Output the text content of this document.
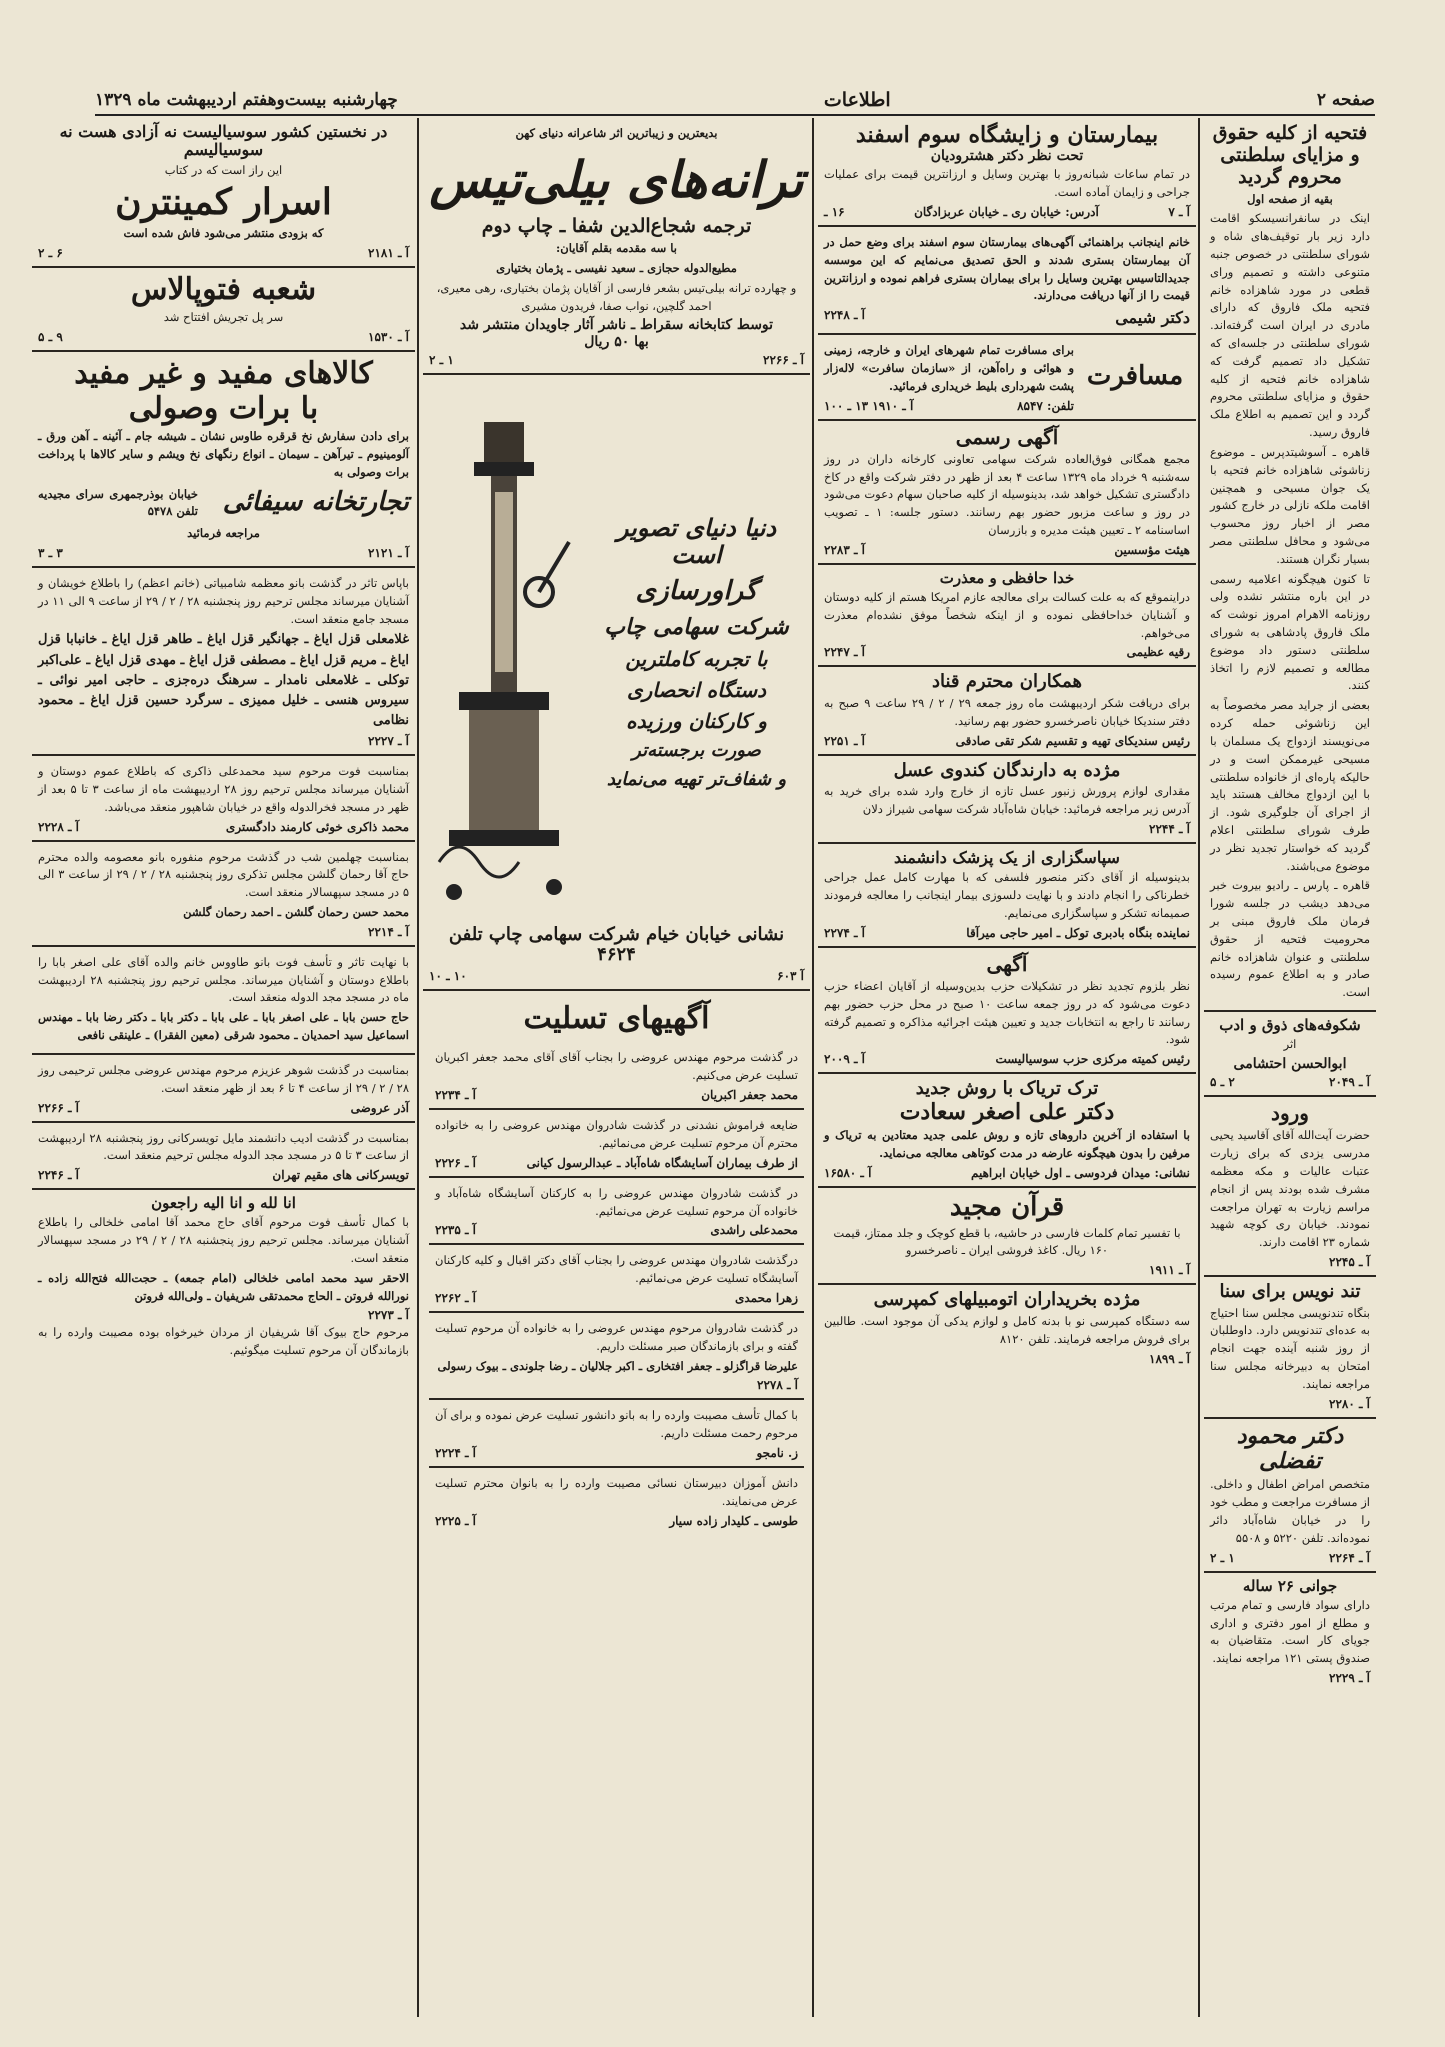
صفحه ۲
اطلاعات
چهارشنبه بیست‌وهفتم اردیبهشت ماه ۱۳۲۹
فتحیه از کلیه حقوق و مزایای سلطنتی محروم گردید
بقیه از صفحه اول
اینک در سانفرانسیسکو اقامت دارد زیر بار توقیف‌های شاه و شورای سلطنتی در خصوص جنبه متنوعی داشته و تصمیم ورای قطعی در مورد شاهزاده خانم فتحیه ملک فاروق که دارای مادری در ایران است گرفته‌اند. شورای سلطنتی در جلسه‌ای که تشکیل داد تصمیم گرفت که شاهزاده خانم فتحیه از کلیه حقوق و مزایای سلطنتی محروم گردد و این تصمیم به اطلاع ملک فاروق رسید.
قاهره ـ آسوشیتدپرس ـ موضوع زناشوئی شاهزاده خانم فتحیه با یک جوان مسیحی و همچنین اقامت ملکه نازلی در خارج کشور مصر از اخبار روز محسوب می‌شود و محافل سلطنتی مصر بسیار نگران هستند.
تا کنون هیچگونه اعلامیه رسمی در این باره منتشر نشده ولی روزنامه الاهرام امروز نوشت که ملک فاروق پادشاهی به شورای سلطنتی دستور داد موضوع مطالعه و تصمیم لازم را اتخاذ کنند.
بعضی از جراید مصر مخصوصاً به این زناشوئی حمله کرده می‌نویسند ازدواج یک مسلمان با مسیحی غیرممکن است و در حالیکه پاره‌ای از خانواده سلطنتی با این ازدواج مخالف هستند باید از اجرای آن جلوگیری شود. از طرف شورای سلطنتی اعلام گردید که خواستار تجدید نظر در موضوع می‌باشند.
قاهره ـ پارس ـ رادیو بیروت خبر می‌دهد دیشب در جلسه شورا فرمان ملک فاروق مبنی بر محرومیت فتحیه از حقوق سلطنتی و عنوان شاهزاده خانم صادر و به اطلاع عموم رسیده است.
شکوفه‌های ذوق و ادب
اثر
ابوالحسن احتشامی
آ ـ ۲۰۴۹
۲ ـ ۵
ورود
حضرت آیت‌الله آقای آقاسید یحیی مدرسی یزدی که برای زیارت عتبات عالیات و مکه معظمه مشرف شده بودند پس از انجام مراسم زیارت به تهران مراجعت نمودند. خیابان ری کوچه شهید شماره ۲۳ اقامت دارند.
آ ـ ۲۲۴۵
تند نویس برای سنا
بنگاه تندنویسی مجلس سنا احتیاج به عده‌ای تندنویس دارد. داوطلبان از روز شنبه آینده جهت انجام امتحان به دبیرخانه مجلس سنا مراجعه نمایند.
آ ـ ۲۲۸۰
دکتر محمود تفضلی
متخصص امراض اطفال و داخلی. از مسافرت مراجعت و مطب خود را در خیابان شاه‌آباد دائر نموده‌اند. تلفن ۵۲۲۰ و ۵۵۰۸
آ ـ ۲۲۶۴
۱ ـ ۲
جوانی ۲۶ ساله
دارای سواد فارسی و تمام مرتب و مطلع از امور دفتری و اداری جویای کار است. متقاضیان به صندوق پستی ۱۲۱ مراجعه نمایند.
آ ـ ۲۲۲۹
بیمارستان و زایشگاه سوم اسفند
تحت نظر دکتر هشترودیان
در تمام ساعات شبانه‌روز با بهترین وسایل و ارزانترین قیمت برای عملیات جراحی و زایمان آماده است.
آ ـ ۷
آدرس: خیابان ری ـ خیابان عربزادگان
۱۶ ـ
خانم اینجانب براهنمائی آگهی‌های بیمارستان سوم اسفند برای وضع حمل در آن بیمارستان بستری شدند و الحق تصدیق می‌نمایم که این موسسه جدیدالتاسیس بهترین وسایل را برای بیماران بستری فراهم نموده و ارزانترین قیمت را از آنها دریافت می‌دارند.
دکتر شیمی
آ ـ ۲۲۴۸
مسافرت
برای مسافرت تمام شهرهای ایران و خارجه، زمینی و هوائی و راه‌آهن، از «سازمان سافرت» لاله‌زار پشت شهرداری بلیط خریداری فرمائید.
تلفن: ۸۵۴۷
آ ـ ۱۹۱۰ ۱۳ ـ ۱۰۰
آگهی رسمی
مجمع همگانی فوق‌العاده شرکت سهامی تعاونی کارخانه داران در روز سه‌شنبه ۹ خرداد ماه ۱۳۲۹ ساعت ۴ بعد از ظهر در دفتر شرکت واقع در کاخ دادگستری تشکیل خواهد شد، بدینوسیله از کلیه صاحبان سهام دعوت می‌شود در روز و ساعت مزبور حضور بهم رسانند. دستور جلسه: ۱ ـ تصویب اساسنامه ۲ ـ تعیین هیئت مدیره و بازرسان
هیئت مؤسسین
آ ـ ۲۲۸۳
خدا حافظی و معذرت
دراینموقع که به علت کسالت برای معالجه عازم امریکا هستم از کلیه دوستان و آشنایان خداحافظی نموده و از اینکه شخصاً موفق نشده‌ام معذرت می‌خواهم.
رقیه عظیمی
آ ـ ۲۲۴۷
همکاران محترم قناد
برای دریافت شکر اردیبهشت ماه روز جمعه ۲۹ / ۲ / ۲۹ ساعت ۹ صبح به دفتر سندیکا خیابان ناصرخسرو حضور بهم رسانید.
رئیس سندیکای تهیه و تقسیم شکر تقی صادقی
آ ـ ۲۲۵۱
مژده به دارندگان کندوی عسل
مقداری لوازم پرورش زنبور عسل تازه از خارج وارد شده برای خرید به آدرس زیر مراجعه فرمائید: خیابان شاه‌آباد شرکت سهامی شیراز دلان
آ ـ ۲۲۴۴
سپاسگزاری از یک پزشک دانشمند
بدینوسیله از آقای دکتر منصور فلسفی که با مهارت کامل عمل جراحی خطرناکی را انجام دادند و با نهایت دلسوزی بیمار اینجانب را معالجه فرمودند صمیمانه تشکر و سپاسگزاری می‌نمایم.
نماینده بنگاه بادبری توکل ـ امیر حاجی میرآقا
آ ـ ۲۲۷۴
آگهی
نظر بلزوم تجدید نظر در تشکیلات حزب بدین‌وسیله از آقایان اعضاء حزب دعوت می‌شود که در روز جمعه ساعت ۱۰ صبح در محل حزب حضور بهم رسانند تا راجع به انتخابات جدید و تعیین هیئت اجرائیه مذاکره و تصمیم گرفته شود.
رئیس کمیته مرکزی حزب سوسیالیست
آ ـ ۲۰۰۹
ترک تریاک با روش جدید
دکتر علی اصغر سعادت
با استفاده از آخرین داروهای تازه و روش علمی جدید معتادین به تریاک و مرفین را بدون هیچگونه عارضه در مدت کوتاهی معالجه می‌نماید.
نشانی: میدان فردوسی ـ اول خیابان ابراهیم
آ ـ ۱۶۵۸۰
قرآن مجید
با تفسیر تمام کلمات فارسی در حاشیه، با قطع کوچک و جلد ممتاز، قیمت ۱۶۰ ریال. کاغذ فروشی ایران ـ ناصرخسرو
آ ـ ۱۹۱۱
مژده بخریداران اتومبیلهای کمپرسی
سه دستگاه کمپرسی نو با بدنه کامل و لوازم یدکی آن موجود است. طالبین برای فروش مراجعه فرمایند. تلفن ۸۱۲۰
آ ـ ۱۸۹۹
بدیعترین و زیباترین اثر شاعرانه دنیای کهن
ترانه‌های بیلی‌تیس
ترجمه شجاع‌الدین شفا ـ چاپ دوم
با سه مقدمه بقلم آقایان:
مطیع‌الدوله حجازی ـ سعید نفیسی ـ پژمان بختیاری
و چهارده ترانه بیلی‌تیس بشعر فارسی از آقایان پژمان بختیاری، رهی معیری، احمد گلچین، نواب صفا، فریدون مشیری
توسط کتابخانه سقراط ـ ناشر آثار جاویدان منتشر شد
بها ۵۰ ریال
آ ـ ۲۲۶۶
۱ ـ ۲
دنیا دنیای تصویر است
گراورسازی
شرکت سهامی چاپ
با تجربه کاملترین
دستگاه انحصاری
و کارکنان ورزیده
صورت برجسته‌تر
و شفاف‌تر تهیه می‌نماید
نشانی خیابان خیام شرکت سهامی چاپ تلفن ۴۶۲۴
آ ۶۰۳
۱۰ ـ ۱۰
آگهیهای تسلیت
در گذشت مرحوم مهندس عروضی را بجناب آقای آقای محمد جعفر اکبریان تسلیت عرض می‌کنیم.
محمد جعفر اکبریان
آ ـ ۲۲۳۴
ضایعه فراموش نشدنی در گذشت شادروان مهندس عروضی را به خانواده محترم آن مرحوم تسلیت عرض می‌نمائیم.
از طرف بیماران آسایشگاه شاه‌آباد ـ عبدالرسول کیانی
آ ـ ۲۲۲۶
در گذشت شادروان مهندس عروضی را به کارکنان آسایشگاه شاه‌آباد و خانواده آن مرحوم تسلیت عرض می‌نمائیم.
محمدعلی راشدی
آ ـ ۲۲۳۵
درگذشت شادروان مهندس عروضی را بجناب آقای دکتر اقبال و کلیه کارکنان آسایشگاه تسلیت عرض می‌نمائیم.
زهرا محمدی
آ ـ ۲۲۶۲
در گذشت شادروان مرحوم مهندس عروضی را به خانواده آن مرحوم تسلیت گفته و برای بازماندگان صبر مسئلت داریم.
علیرضا قراگزلو ـ جعفر افتخاری ـ اکبر جلالیان ـ رضا جلوندی ـ بیوک رسولی
آ ـ ۲۲۷۸
با کمال تأسف مصیبت وارده را به بانو دانشور تسلیت عرض نموده و برای آن مرحوم رحمت مسئلت داریم.
ز. نامجو
آ ـ ۲۲۲۴
دانش آموزان دبیرستان نسائی مصیبت وارده را به بانوان محترم تسلیت عرض می‌نمایند.
طوسی ـ کلیدار زاده سیار
آ ـ ۲۲۲۵
در نخستین کشور سوسیالیست نه آزادی هست نه سوسیالیسم
این راز است که در کتاب
اسرار کمینترن
که بزودی منتشر می‌شود فاش شده است
آ ـ ۲۱۸۱
۶ ـ ۲
شعبه فتوپالاس
سر پل تجریش افتتاح شد
آ ـ ۱۵۳۰
۹ ـ ۵
کالاهای مفید و غیر مفید
با برات وصولی
برای دادن سفارش نخ قرقره طاوس نشان ـ شیشه جام ـ آئینه ـ آهن ورق ـ آلومینیوم ـ تیرآهن ـ سیمان ـ انواع رنگهای نخ ویشم و سایر کالاها با پرداخت برات وصولی به
تجارتخانه سیفائی
خیابان بوذرجمهری سرای مجیدیه تلفن ۵۴۷۸
مراجعه فرمائید
آ ـ ۲۱۲۱
۳ ـ ۳
باپاس تاثر در گذشت بانو معظمه شامبیاتی (خانم اعظم) را باطلاع خویشان و آشنایان میرساند مجلس ترحیم روز پنجشنبه ۲۸ / ۲ / ۲۹ از ساعت ۹ الی ۱۱ در مسجد جامع منعقد است.
غلامعلی قزل ایاغ ـ جهانگیر قزل ایاغ ـ طاهر قزل ایاغ ـ خانبابا قزل ایاغ ـ مریم قزل ایاغ ـ مصطفی قزل ایاغ ـ مهدی قزل ایاغ ـ علی‌اکبر توکلی ـ غلامعلی نامدار ـ سرهنگ دره‌جزی ـ حاجی امیر نوائی ـ سیروس هنسی ـ خلیل ممیزی ـ سرگرد حسین قزل ایاغ ـ محمود نظامی
آ ـ ۲۲۲۷
بمناسبت فوت مرحوم سید محمدعلی ذاکری که باطلاع عموم دوستان و آشنایان میرساند مجلس ترحیم روز ۲۸ اردیبهشت ماه از ساعت ۳ تا ۵ بعد از ظهر در مسجد فخرالدوله واقع در خیابان شاهپور منعقد می‌باشد.
محمد ذاکری خوئی کارمند دادگستری
آ ـ ۲۲۲۸
بمناسبت چهلمین شب در گذشت مرحوم منفوره بانو معصومه والده محترم حاج آقا رحمان گلشن مجلس تذکری روز پنجشنبه ۲۸ / ۲ / ۲۹ از ساعت ۳ الی ۵ در مسجد سپهسالار منعقد است.
محمد حسن رحمان گلشن ـ احمد رحمان گلشن
آ ـ ۲۲۱۴
با نهایت تاثر و تأسف فوت بانو طاووس خانم والده آقای علی اصغر بابا را باطلاع دوستان و آشنایان میرساند. مجلس ترحیم روز پنجشنبه ۲۸ اردیبهشت ماه در مسجد مجد الدوله منعقد است.
حاج حسن بابا ـ علی اصغر بابا ـ علی بابا ـ دکتر بابا ـ دکتر رضا بابا ـ مهندس اسماعیل سید احمدیان ـ محمود شرقی (معین الفقرا) ـ علینقی نافعی
بمناسبت در گذشت شوهر عزیزم مرحوم مهندس عروضی مجلس ترحیمی روز ۲۸ / ۲ / ۲۹ از ساعت ۴ تا ۶ بعد از ظهر منعقد است.
آذر عروضی
آ ـ ۲۲۶۶
بمناسبت در گذشت ادیب دانشمند مایل تویسرکانی روز پنجشنبه ۲۸ اردیبهشت از ساعت ۳ تا ۵ در مسجد مجد الدوله مجلس ترحیم منعقد است.
تویسرکانی های مقیم تهران
آ ـ ۲۲۴۶
انا لله و انا الیه راجعون
با کمال تأسف فوت مرحوم آقای حاج محمد آقا امامی خلخالی را باطلاع آشنایان میرساند. مجلس ترحیم روز پنجشنبه ۲۸ / ۲ / ۲۹ در مسجد سپهسالار منعقد است.
الاحقر سید محمد امامی خلخالی (امام جمعه) ـ حجت‌الله فتح‌الله زاده ـ نورالله فروتن ـ الحاج محمدتقی شریفیان ـ ولی‌الله فروتن
آ ـ ۲۲۷۳
مرحوم حاج بیوک آقا شریفیان از مردان خیرخواه بوده مصیبت وارده را به بازماندگان آن مرحوم تسلیت میگوئیم.
